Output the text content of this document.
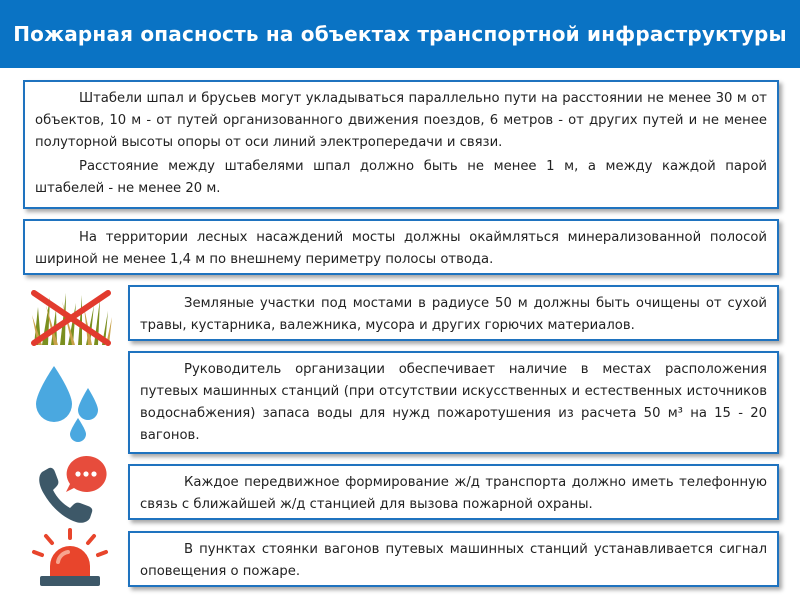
Пожарная опасность на объектах транспортной инфраструктуры

Штабели шпал и брусьев могут укладываться параллельно пути на расстоянии не менее 30 м от объектов, 10 м - от путей организованного движения поездов, 6 метров - от других путей и не менее полуторной высоты опоры от оси линий электропередачи и связи.

Расстояние между штабелями шпал должно быть не менее 1 м, а между каждой парой штабелей - не менее 20 м.

На территории лесных насаждений мосты должны окаймляться минерализованной полосой шириной не менее 1,4 м по внешнему периметру полосы отвода.

Земляные участки под мостами в радиусе 50 м должны быть очищены от сухой травы, кустарника, валежника, мусора и других горючих материалов.

Руководитель организации обеспечивает наличие в местах расположения путевых машинных станций (при отсутствии искусственных и естественных источников водоснабжения) запаса воды для нужд пожаротушения из расчета 50 м³ на 15 - 20 вагонов.

Каждое передвижное формирование ж/д транспорта должно иметь телефонную связь с ближайшей ж/д станцией для вызова пожарной охраны.

В пунктах стоянки вагонов путевых машинных станций устанавливается сигнал оповещения о пожаре.
